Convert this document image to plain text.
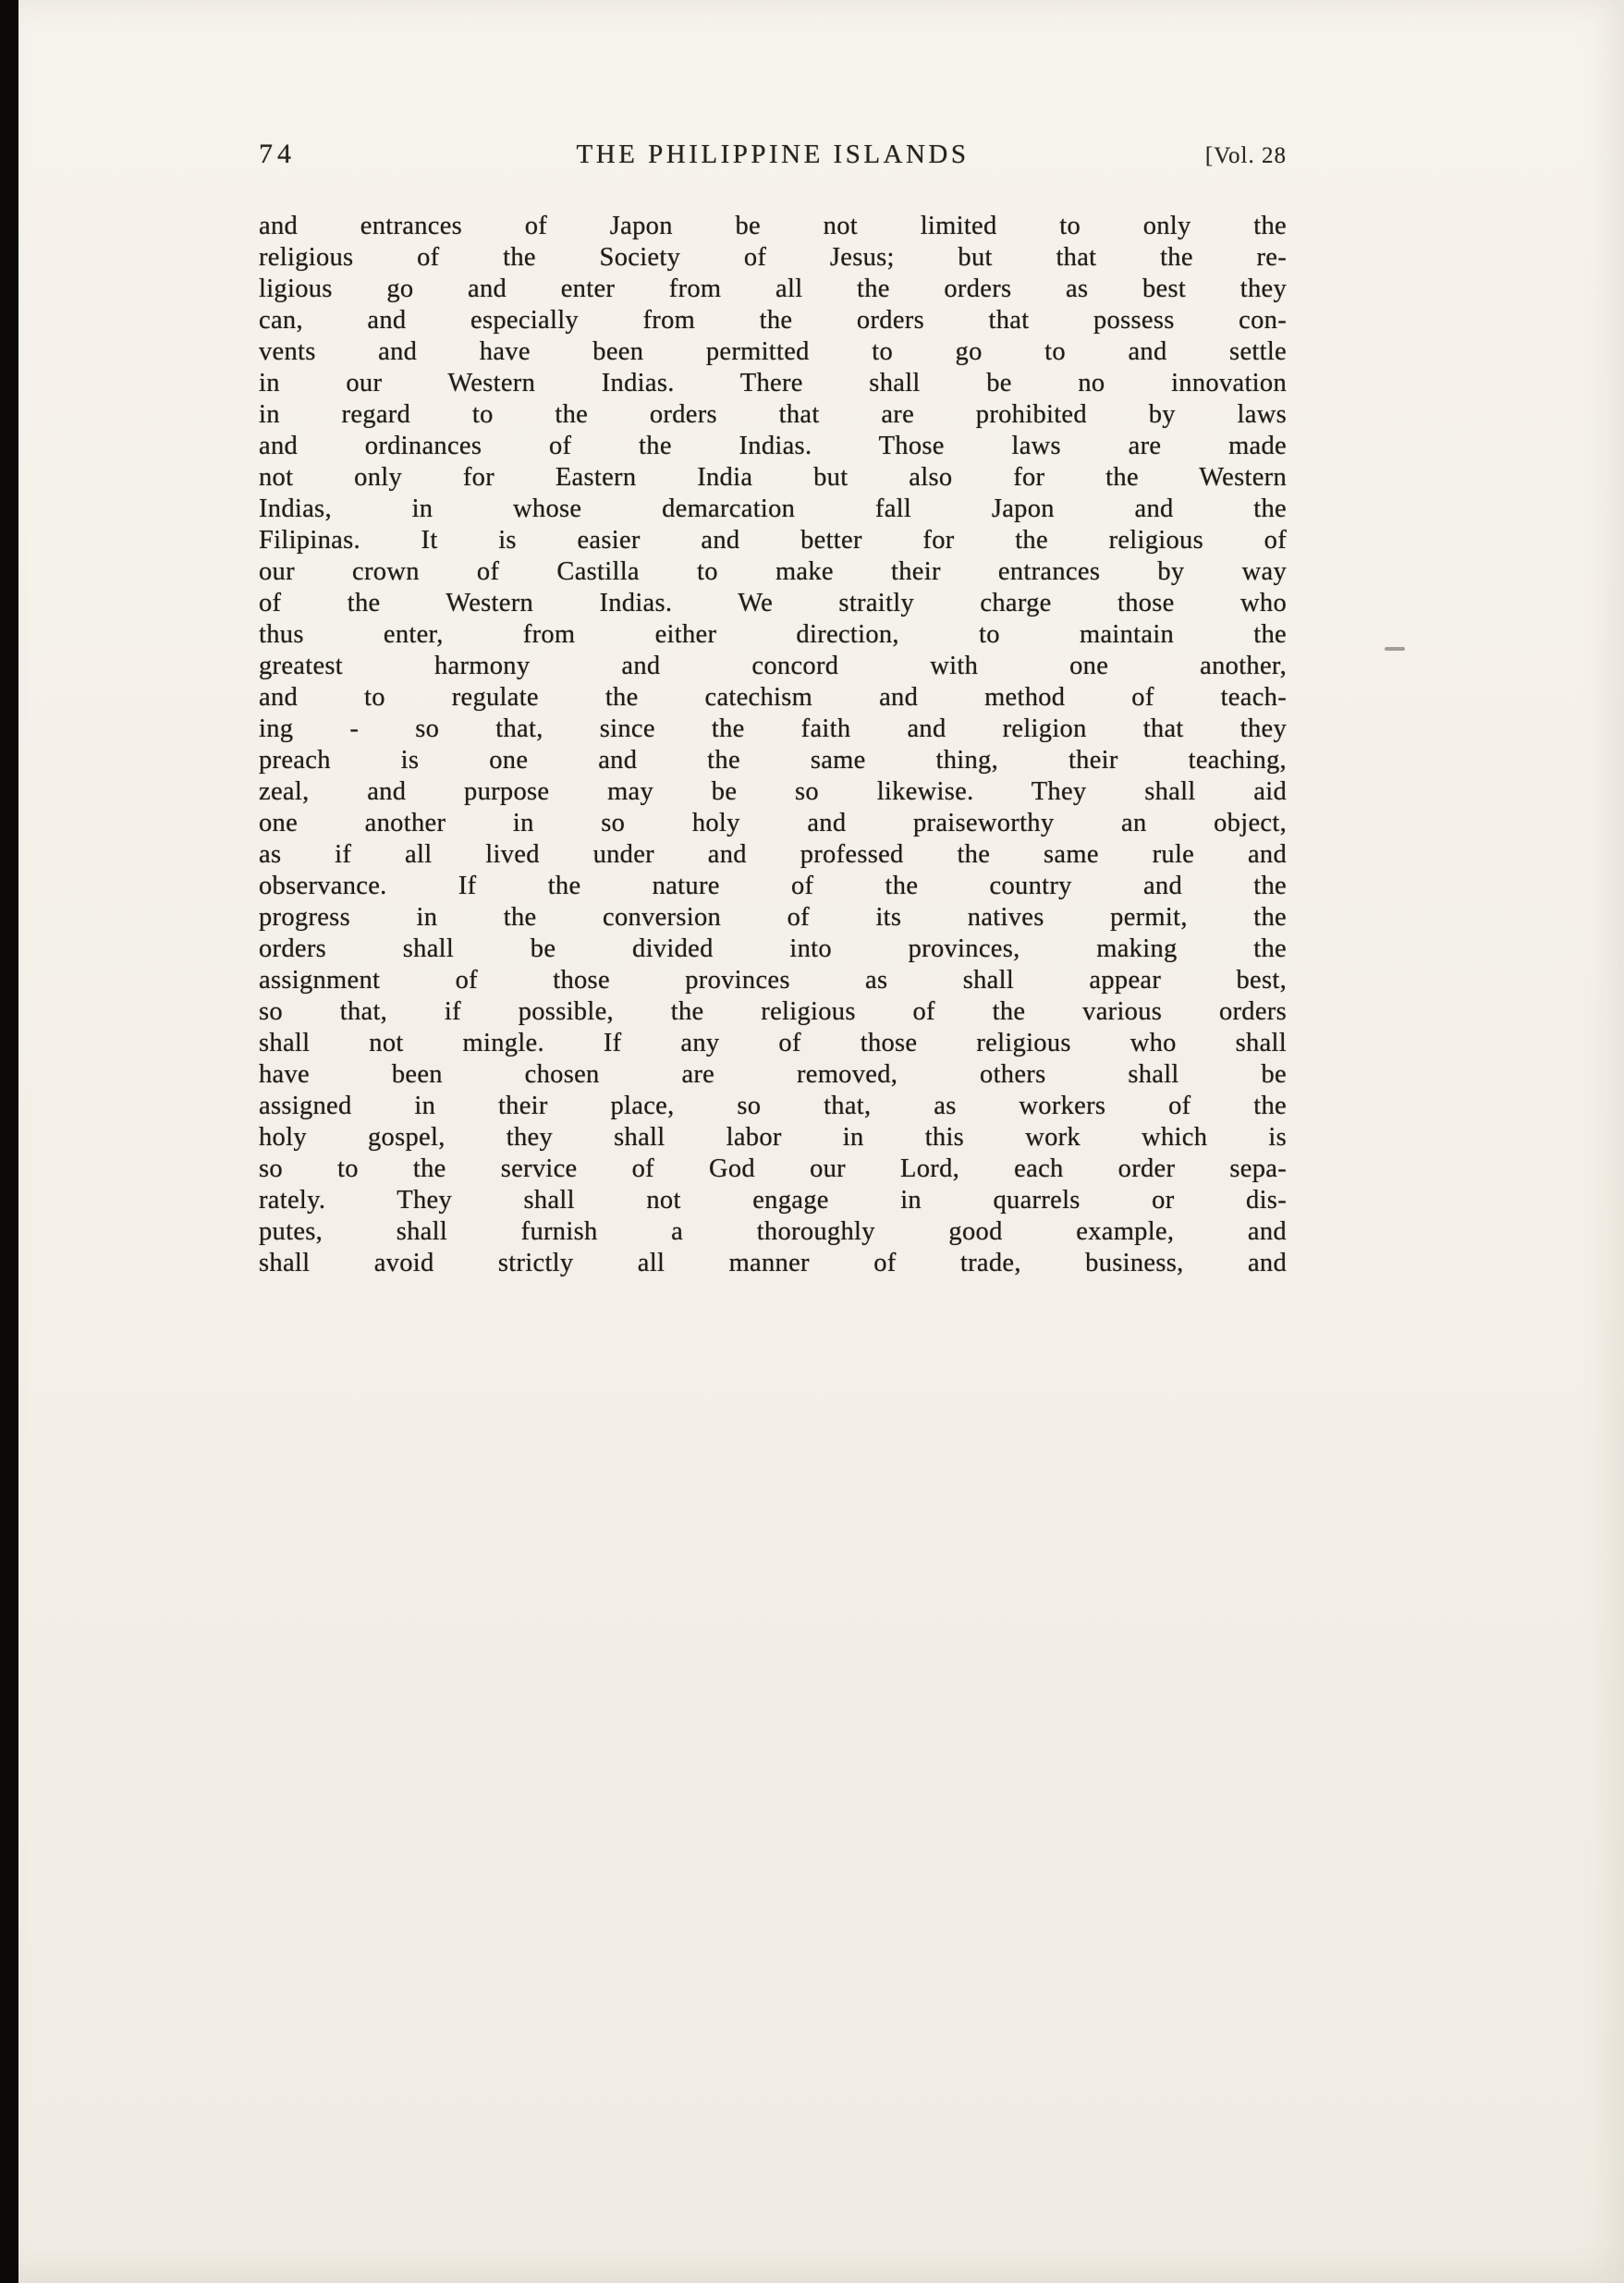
74	THE PHILIPPINE ISLANDS	[Vol. 28
and entrances of Japon be not limited to only the
religious of the Society of Jesus; but that the re-
ligious go and enter from all the orders as best they
can, and especially from the orders that possess con-
vents and have been permitted to go to and settle
in our Western Indias. There shall be no innovation
in regard to the orders that are prohibited by laws
and ordinances of the Indias. Those laws are made
not only for Eastern India but also for the Western
Indias, in whose demarcation fall Japon and the
Filipinas. It is easier and better for the religious of
our crown of Castilla to make their entrances by way
of the Western Indias. We straitly charge those who
thus enter, from either direction, to maintain the
greatest harmony and concord with one another,
and to regulate the catechism and method of teach-
ing - so that, since the faith and religion that they
preach is one and the same thing, their teaching,
zeal, and purpose may be so likewise. They shall aid
one another in so holy and praiseworthy an object,
as if all lived under and professed the same rule and
observance. If the nature of the country and the
progress in the conversion of its natives permit, the
orders shall be divided into provinces, making the
assignment of those provinces as shall appear best,
so that, if possible, the religious of the various orders
shall not mingle. If any of those religious who shall
have been chosen are removed, others shall be
assigned in their place, so that, as workers of the
holy gospel, they shall labor in this work which is
so to the service of God our Lord, each order sepa-
rately. They shall not engage in quarrels or dis-
putes, shall furnish a thoroughly good example, and
shall avoid strictly all manner of trade, business, and
